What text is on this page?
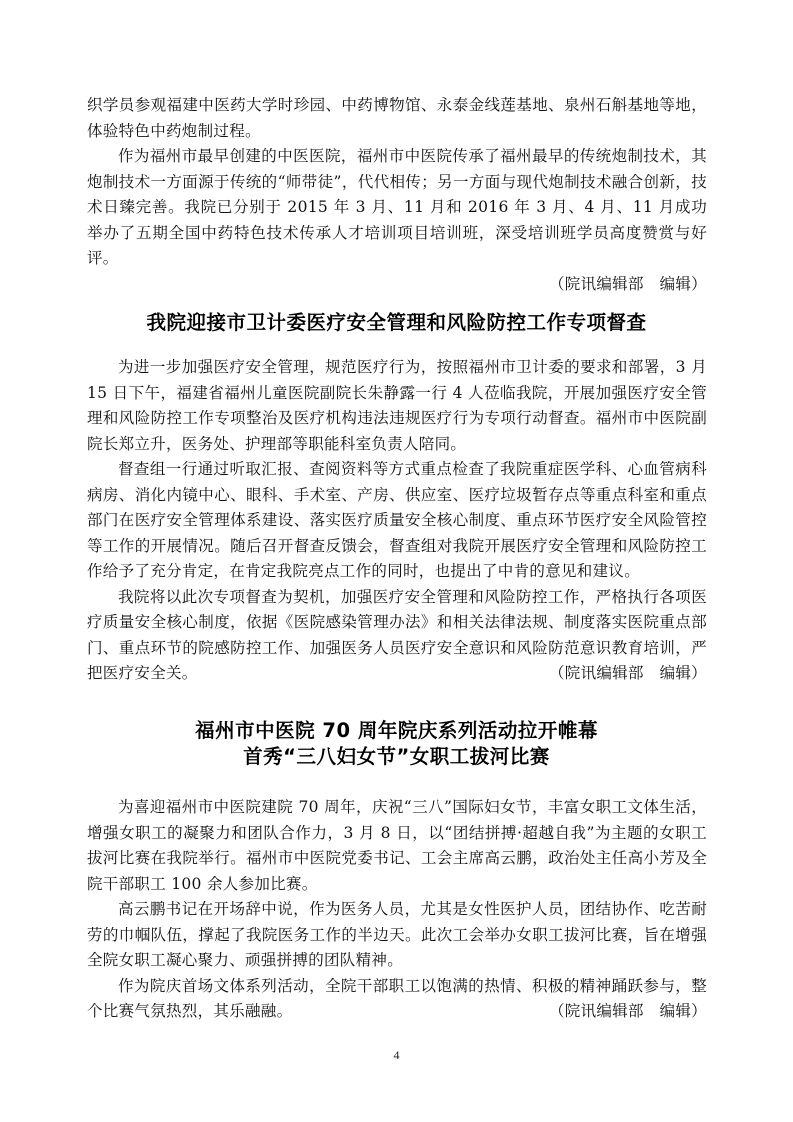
织学员参观福建中医药大学时珍园、中药博物馆、永泰金线莲基地、泉州石斛基地等地，体验特色中药炮制过程。

作为福州市最早创建的中医医院，福州市中医院传承了福州最早的传统炮制技术，其炮制技术一方面源于传统的“师带徒”，代代相传；另一方面与现代炮制技术融合创新，技术日臻完善。我院已分别于 2015 年 3 月、11 月和 2016 年 3 月、4 月、11 月成功举办了五期全国中药特色技术传承人才培训项目培训班，深受培训班学员高度赞赏与好评。

（院讯编辑部　编辑）

我院迎接市卫计委医疗安全管理和风险防控工作专项督查

为进一步加强医疗安全管理，规范医疗行为，按照福州市卫计委的要求和部署，3 月 15 日下午，福建省福州儿童医院副院长朱静露一行 4 人莅临我院，开展加强医疗安全管理和风险防控工作专项整治及医疗机构违法违规医疗行为专项行动督查。福州市中医院副院长郑立升，医务处、护理部等职能科室负责人陪同。

督查组一行通过听取汇报、查阅资料等方式重点检查了我院重症医学科、心血管病科病房、消化内镜中心、眼科、手术室、产房、供应室、医疗垃圾暂存点等重点科室和重点部门在医疗安全管理体系建设、落实医疗质量安全核心制度、重点环节医疗安全风险管控等工作的开展情况。随后召开督查反馈会，督查组对我院开展医疗安全管理和风险防控工作给予了充分肯定，在肯定我院亮点工作的同时，也提出了中肯的意见和建议。

我院将以此次专项督查为契机，加强医疗安全管理和风险防控工作，严格执行各项医疗质量安全核心制度，依据《医院感染管理办法》和相关法律法规、制度落实医院重点部门、重点环节的院感防控工作、加强医务人员医疗安全意识和风险防范意识教育培训，严把医疗安全关。	（院讯编辑部　编辑）

福州市中医院 70 周年院庆系列活动拉开帷幕
首秀“三八妇女节”女职工拔河比赛

为喜迎福州市中医院建院 70 周年，庆祝“三八”国际妇女节，丰富女职工文体生活，增强女职工的凝聚力和团队合作力，3 月 8 日，以“团结拼搏·超越自我”为主题的女职工拔河比赛在我院举行。福州市中医院党委书记、工会主席高云鹏，政治处主任高小芳及全院干部职工 100 余人参加比赛。

高云鹏书记在开场辞中说，作为医务人员，尤其是女性医护人员，团结协作、吃苦耐劳的巾帼队伍，撑起了我院医务工作的半边天。此次工会举办女职工拔河比赛，旨在增强全院女职工凝心聚力、顽强拼搏的团队精神。

作为院庆首场文体系列活动，全院干部职工以饱满的热情、积极的精神踊跃参与，整个比赛气氛热烈，其乐融融。	（院讯编辑部　编辑）

4
